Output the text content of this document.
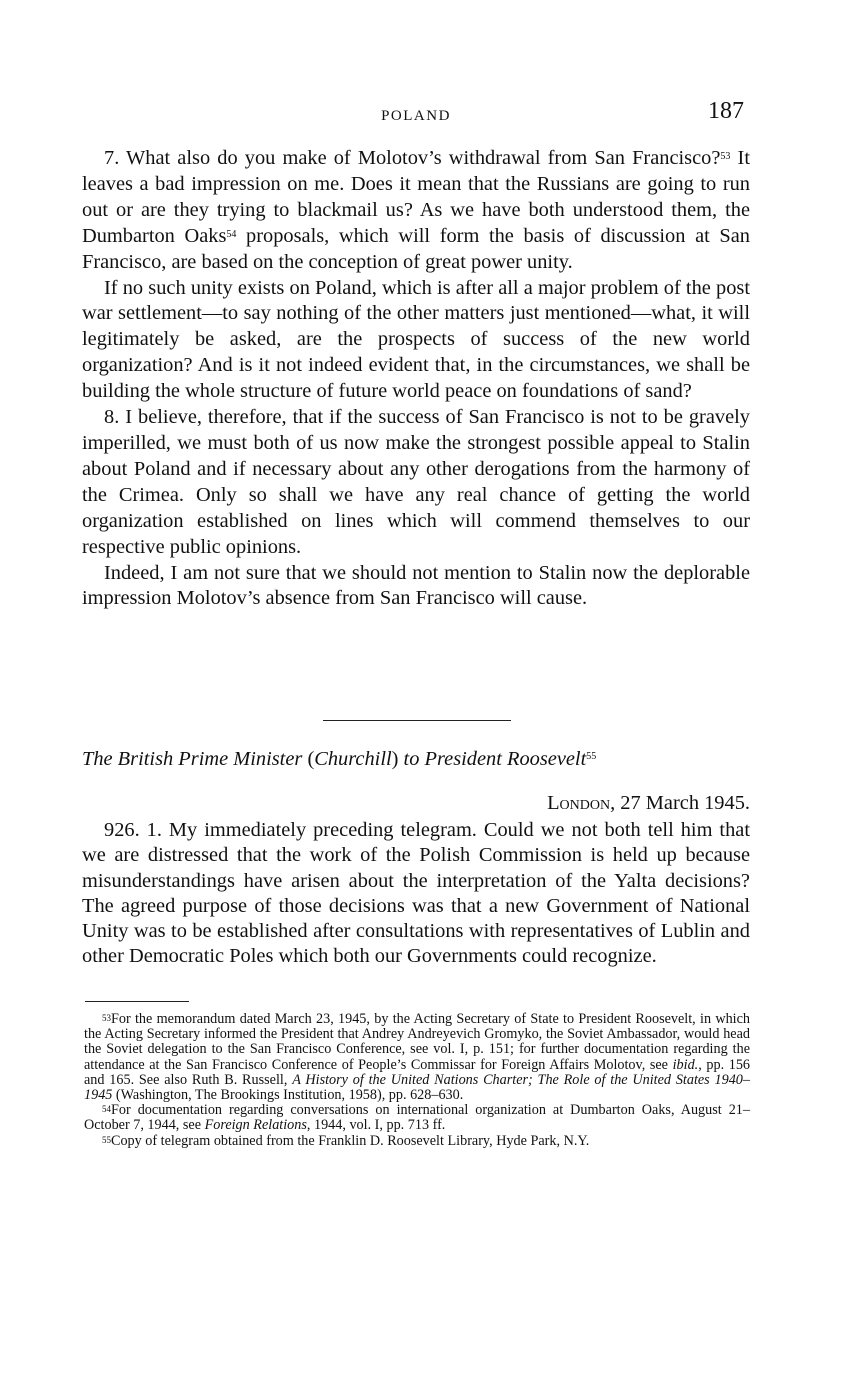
POLAND	187

7. What also do you make of Molotov’s withdrawal from San Francisco?$^{53}$ It leaves a bad impression on me. Does it mean that the Russians are going to run out or are they trying to blackmail us? As we have both understood them, the Dumbarton Oaks$^{54}$ proposals, which will form the basis of discussion at San Francisco, are based on the conception of great power unity.

If no such unity exists on Poland, which is after all a major problem of the post war settlement—to say nothing of the other matters just mentioned—what, it will legitimately be asked, are the prospects of success of the new world organization? And is it not indeed evident that, in the circumstances, we shall be building the whole structure of future world peace on foundations of sand?

8. I believe, therefore, that if the success of San Francisco is not to be gravely imperilled, we must both of us now make the strongest possible appeal to Stalin about Poland and if necessary about any other derogations from the harmony of the Crimea. Only so shall we have any real chance of getting the world organization established on lines which will commend themselves to our respective public opinions.

Indeed, I am not sure that we should not mention to Stalin now the deplorable impression Molotov’s absence from San Francisco will cause.

The British Prime Minister (Churchill) to President Roosevelt$^{55}$
London, 27 March 1945.

926. 1. My immediately preceding telegram. Could we not both tell him that we are distressed that the work of the Polish Commission is held up because misunderstandings have arisen about the interpretation of the Yalta decisions? The agreed purpose of those decisions was that a new Government of National Unity was to be established after consultations with representatives of Lublin and other Democratic Poles which both our Governments could recognize.

$^{53}$For the memorandum dated March 23, 1945, by the Acting Secretary of State to President Roosevelt, in which the Acting Secretary informed the President that Andrey Andreyevich Gromyko, the Soviet Ambassador, would head the Soviet delegation to the San Francisco Conference, see vol. I, p. 151; for further documentation regarding the attendance at the San Francisco Conference of People’s Commissar for Foreign Affairs Molotov, see ibid., pp. 156 and 165. See also Ruth B. Russell, A History of the United Nations Charter; The Role of the United States 1940–1945 (Washington, The Brookings Institution, 1958), pp. 628–630.

$^{54}$For documentation regarding conversations on international organization at Dumbarton Oaks, August 21–October 7, 1944, see Foreign Relations, 1944, vol. I, pp. 713 ff.

$^{55}$Copy of telegram obtained from the Franklin D. Roosevelt Library, Hyde Park, N.Y.
